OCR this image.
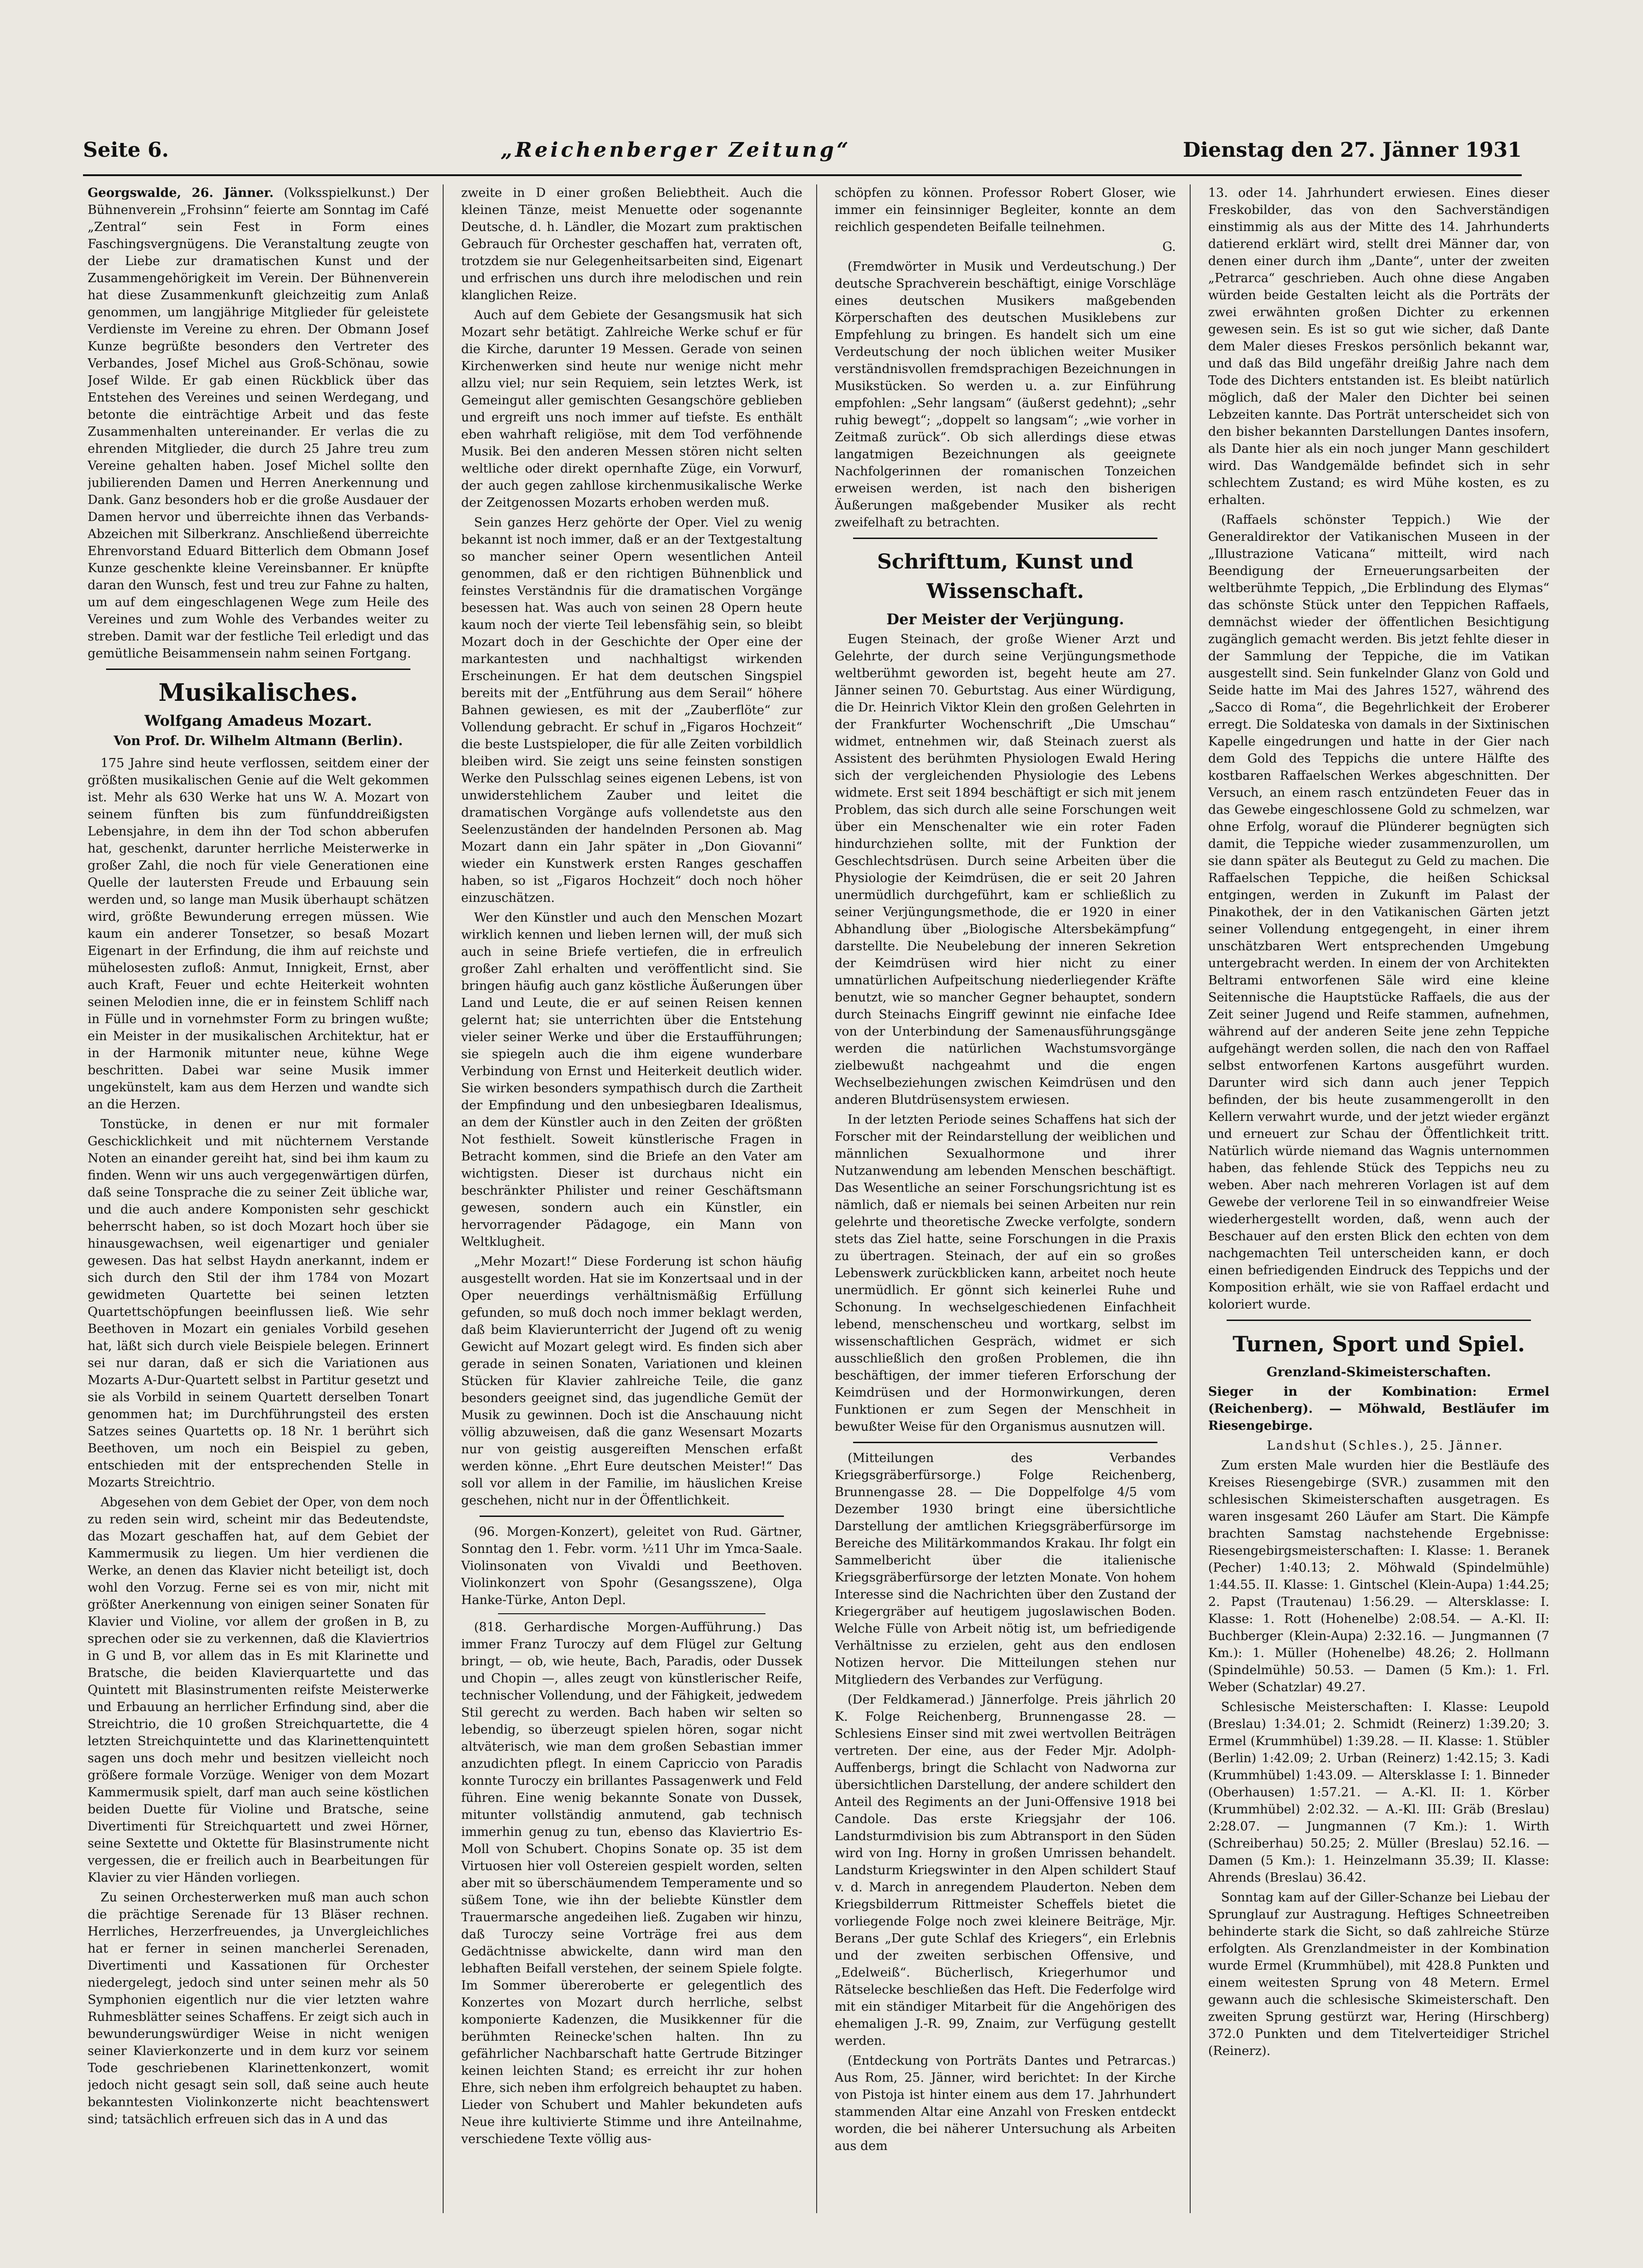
Seite 6.	„Reichenberger Zeitung“	Dienstag den 27. Jänner 1931

Georgswalde, 26. Jänner. (Volksspielkunst.) Der Bühnenverein „Frohsinn“ feierte am Sonntag im Café „Zentral“ sein Fest in Form eines Faschingsvergnügens. Die Veranstaltung zeugte von der Liebe zur dramatischen Kunst und der Zusammengehörigkeit im Verein. Der Bühnenverein hat diese Zusammenkunft gleichzeitig zum Anlaß genommen, um langjährige Mitglieder für geleistete Verdienste im Vereine zu ehren. Der Obmann Josef Kunze begrüßte besonders den Vertreter des Verbandes, Josef Michel aus Groß-Schönau, sowie Josef Wilde. Er gab einen Rückblick über das Entstehen des Vereines und seinen Werdegang, und betonte die einträchtige Arbeit und das feste Zusammenhalten untereinander. Er verlas die zu ehrenden Mitglieder, die durch 25 Jahre treu zum Vereine gehalten haben. Josef Michel sollte den jubilierenden Damen und Herren Anerkennung und Dank. Ganz besonders hob er die große Ausdauer der Damen hervor und überreichte ihnen das Verbands-Abzeichen mit Silberkranz. Anschließend überreichte Ehrenvorstand Eduard Bitterlich dem Obmann Josef Kunze geschenkte kleine Vereinsbanner. Er knüpfte daran den Wunsch, fest und treu zur Fahne zu halten, um auf dem eingeschlagenen Wege zum Heile des Vereines und zum Wohle des Verbandes weiter zu streben. Damit war der festliche Teil erledigt und das gemütliche Beisammensein nahm seinen Fortgang.

Musikalisches.
Wolfgang Amadeus Mozart.
Von Prof. Dr. Wilhelm Altmann (Berlin).

175 Jahre sind heute verflossen, seitdem einer der größten musikalischen Genie auf die Welt gekommen ist. Mehr als 630 Werke hat uns W. A. Mozart von seinem fünften bis zum fünfunddreißigsten Lebensjahre, in dem ihn der Tod schon abberufen hat, geschenkt, darunter herrliche Meisterwerke in großer Zahl, die noch für viele Generationen eine Quelle der lautersten Freude und Erbauung sein werden und, so lange man Musik überhaupt schätzen wird, größte Bewunderung erregen müssen. Wie kaum ein anderer Tonsetzer, so besaß Mozart Eigenart in der Erfindung, die ihm auf reichste und mühelosesten zufloß: Anmut, Innigkeit, Ernst, aber auch Kraft, Feuer und echte Heiterkeit wohnten seinen Melodien inne, die er in feinstem Schliff nach in Fülle und in vornehmster Form zu bringen wußte; ein Meister in der musikalischen Architektur, hat er in der Harmonik mitunter neue, kühne Wege beschritten. Dabei war seine Musik immer ungekünstelt, kam aus dem Herzen und wandte sich an die Herzen.

Tonstücke, in denen er nur mit formaler Geschicklichkeit und mit nüchternem Verstande Noten an einander gereiht hat, sind bei ihm kaum zu finden. Wenn wir uns auch vergegenwärtigen dürfen, daß seine Tonsprache die zu seiner Zeit übliche war, und die auch andere Komponisten sehr geschickt beherrscht haben, so ist doch Mozart hoch über sie hinausgewachsen, weil eigenartiger und genialer gewesen. Das hat selbst Haydn anerkannt, indem er sich durch den Stil der ihm 1784 von Mozart gewidmeten Quartette bei seinen letzten Quartettschöpfungen beeinflussen ließ. Wie sehr Beethoven in Mozart ein geniales Vorbild gesehen hat, läßt sich durch viele Beispiele belegen. Erinnert sei nur daran, daß er sich die Variationen aus Mozarts A-Dur-Quartett selbst in Partitur gesetzt und sie als Vorbild in seinem Quartett derselben Tonart genommen hat; im Durchführungsteil des ersten Satzes seines Quartetts op. 18 Nr. 1 berührt sich Beethoven, um noch ein Beispiel zu geben, entschieden mit der entsprechenden Stelle in Mozarts Streichtrio.

Abgesehen von dem Gebiet der Oper, von dem noch zu reden sein wird, scheint mir das Bedeutendste, das Mozart geschaffen hat, auf dem Gebiet der Kammermusik zu liegen. Um hier verdienen die Werke, an denen das Klavier nicht beteiligt ist, doch wohl den Vorzug. Ferne sei es von mir, nicht mit größter Anerkennung von einigen seiner Sonaten für Klavier und Violine, vor allem der großen in B, zu sprechen oder sie zu verkennen, daß die Klaviertrios in G und B, vor allem das in Es mit Klarinette und Bratsche, die beiden Klavierquartette und das Quintett mit Blasinstrumenten reifste Meisterwerke und Erbauung an herrlicher Erfindung sind, aber die Streichtrio, die 10 großen Streichquartette, die 4 letzten Streichquintette und das Klarinettenquintett sagen uns doch mehr und besitzen vielleicht noch größere formale Vorzüge. Weniger von dem Mozart Kammermusik spielt, darf man auch seine köstlichen beiden Duette für Violine und Bratsche, seine Divertimenti für Streichquartett und zwei Hörner, seine Sextette und Oktette für Blasinstrumente nicht vergessen, die er freilich auch in Bearbeitungen für Klavier zu vier Händen vorliegen.

Zu seinen Orchesterwerken muß man auch schon die prächtige Serenade für 13 Bläser rechnen. Herrliches, Herzerfreuendes, ja Unvergleichliches hat er ferner in seinen mancherlei Serenaden, Divertimenti und Kassationen für Orchester niedergelegt, jedoch sind unter seinen mehr als 50 Symphonien eigentlich nur die vier letzten wahre Ruhmesblätter seines Schaffens. Er zeigt sich auch in bewunderungswürdiger Weise in nicht wenigen seiner Klavierkonzerte und in dem kurz vor seinem Tode geschriebenen Klarinettenkonzert, womit jedoch nicht gesagt sein soll, daß seine auch heute bekanntesten Violinkonzerte nicht beachtenswert sind; tatsächlich erfreuen sich das in A und das

zweite in D einer großen Beliebtheit. Auch die kleinen Tänze, meist Menuette oder sogenannte Deutsche, d. h. Ländler, die Mozart zum praktischen Gebrauch für Orchester geschaffen hat, verraten oft, trotzdem sie nur Gelegenheitsarbeiten sind, Eigenart und erfrischen uns durch ihre melodischen und rein klanglichen Reize.

Auch auf dem Gebiete der Gesangsmusik hat sich Mozart sehr betätigt. Zahlreiche Werke schuf er für die Kirche, darunter 19 Messen. Gerade von seinen Kirchenwerken sind heute nur wenige nicht mehr allzu viel; nur sein Requiem, sein letztes Werk, ist Gemeingut aller gemischten Gesangschöre geblieben und ergreift uns noch immer auf tiefste. Es enthält eben wahrhaft religiöse, mit dem Tod verföhnende Musik. Bei den anderen Messen stören nicht selten weltliche oder direkt opernhafte Züge, ein Vorwurf, der auch gegen zahllose kirchenmusikalische Werke der Zeitgenossen Mozarts erhoben werden muß.

Sein ganzes Herz gehörte der Oper. Viel zu wenig bekannt ist noch immer, daß er an der Textgestaltung so mancher seiner Opern wesentlichen Anteil genommen, daß er den richtigen Bühnenblick und feinstes Verständnis für die dramatischen Vorgänge besessen hat. Was auch von seinen 28 Opern heute kaum noch der vierte Teil lebensfähig sein, so bleibt Mozart doch in der Geschichte der Oper eine der markantesten und nachhaltigst wirkenden Erscheinungen. Er hat dem deutschen Singspiel bereits mit der „Entführung aus dem Serail“ höhere Bahnen gewiesen, es mit der „Zauberflöte“ zur Vollendung gebracht. Er schuf in „Figaros Hochzeit“ die beste Lustspieloper, die für alle Zeiten vorbildlich bleiben wird. Sie zeigt uns seine feinsten sonstigen Werke den Pulsschlag seines eigenen Lebens, ist von unwiderstehlichem Zauber und leitet die dramatischen Vorgänge aufs vollendetste aus den Seelenzuständen der handelnden Personen ab. Mag Mozart dann ein Jahr später in „Don Giovanni“ wieder ein Kunstwerk ersten Ranges geschaffen haben, so ist „Figaros Hochzeit“ doch noch höher einzuschätzen.

Wer den Künstler und auch den Menschen Mozart wirklich kennen und lieben lernen will, der muß sich auch in seine Briefe vertiefen, die in erfreulich großer Zahl erhalten und veröffentlicht sind. Sie bringen häufig auch ganz köstliche Äußerungen über Land und Leute, die er auf seinen Reisen kennen gelernt hat; sie unterrichten über die Entstehung vieler seiner Werke und über die Erstaufführungen; sie spiegeln auch die ihm eigene wunderbare Verbindung von Ernst und Heiterkeit deutlich wider. Sie wirken besonders sympathisch durch die Zartheit der Empfindung und den unbesiegbaren Idealismus, an dem der Künstler auch in den Zeiten der größten Not festhielt. Soweit künstlerische Fragen in Betracht kommen, sind die Briefe an den Vater am wichtigsten. Dieser ist durchaus nicht ein beschränkter Philister und reiner Geschäftsmann gewesen, sondern auch ein Künstler, ein hervorragender Pädagoge, ein Mann von Weltklugheit.

„Mehr Mozart!“ Diese Forderung ist schon häufig ausgestellt worden. Hat sie im Konzertsaal und in der Oper neuerdings verhältnismäßig Erfüllung gefunden, so muß doch noch immer beklagt werden, daß beim Klavierunterricht der Jugend oft zu wenig Gewicht auf Mozart gelegt wird. Es finden sich aber gerade in seinen Sonaten, Variationen und kleinen Stücken für Klavier zahlreiche Teile, die ganz besonders geeignet sind, das jugendliche Gemüt der Musik zu gewinnen. Doch ist die Anschauung nicht völlig abzuweisen, daß die ganz Wesensart Mozarts nur von geistig ausgereiften Menschen erfaßt werden könne. „Ehrt Eure deutschen Meister!“ Das soll vor allem in der Familie, im häuslichen Kreise geschehen, nicht nur in der Öffentlichkeit.

(96. Morgen-Konzert), geleitet von Rud. Gärtner, Sonntag den 1. Febr. vorm. ½11 Uhr im Ymca-Saale. Violinsonaten von Vivaldi und Beethoven. Violinkonzert von Spohr (Gesangsszene), Olga Hanke-Türke, Anton Depl.

(818. Gerhardische Morgen-Aufführung.) Das immer Franz Turoczy auf dem Flügel zur Geltung bringt, — ob, wie heute, Bach, Paradis, oder Dussek und Chopin —, alles zeugt von künstlerischer Reife, technischer Vollendung, und der Fähigkeit, jedwedem Stil gerecht zu werden. Bach haben wir selten so lebendig, so überzeugt spielen hören, sogar nicht altväterisch, wie man dem großen Sebastian immer anzudichten pflegt. In einem Capriccio von Paradis konnte Turoczy ein brillantes Passagenwerk und Feld führen. Eine wenig bekannte Sonate von Dussek, mitunter vollständig anmutend, gab technisch immerhin genug zu tun, ebenso das Klaviertrio Es-Moll von Schubert. Chopins Sonate op. 35 ist dem Virtuosen hier voll Ostereien gespielt worden, selten aber mit so überschäumendem Temperamente und so süßem Tone, wie ihn der beliebte Künstler dem Trauermarsche angedeihen ließ. Zugaben wir hinzu, daß Turoczy seine Vorträge frei aus dem Gedächtnisse abwickelte, dann wird man den lebhaften Beifall verstehen, der seinem Spiele folgte. Im Sommer übereroberte er gelegentlich des Konzertes von Mozart durch herrliche, selbst komponierte Kadenzen, die Musikkenner für die berühmten Reinecke'schen halten. Ihn zu gefährlicher Nachbarschaft hatte Gertrude Bitzinger keinen leichten Stand; es erreicht ihr zur hohen Ehre, sich neben ihm erfolgreich behauptet zu haben. Lieder von Schubert und Mahler bekundeten aufs Neue ihre kultivierte Stimme und ihre Anteilnahme, verschiedene Texte völlig aus-

schöpfen zu können. Professor Robert Gloser, wie immer ein feinsinniger Begleiter, konnte an dem reichlich gespendeten Beifalle teilnehmen.

G.

(Fremdwörter in Musik und Verdeutschung.) Der deutsche Sprachverein beschäftigt, einige Vorschläge eines deutschen Musikers maßgebenden Körperschaften des deutschen Musiklebens zur Empfehlung zu bringen. Es handelt sich um eine Verdeutschung der noch üblichen weiter Musiker verständnisvollen fremdsprachigen Bezeichnungen in Musikstücken. So werden u. a. zur Einführung empfohlen: „Sehr langsam“ (äußerst gedehnt); „sehr ruhig bewegt“; „doppelt so langsam“; „wie vorher in Zeitmaß zurück“. Ob sich allerdings diese etwas langatmigen Bezeichnungen als geeignete Nachfolgerinnen der romanischen Tonzeichen erweisen werden, ist nach den bisherigen Äußerungen maßgebender Musiker als recht zweifelhaft zu betrachten.

Schrifttum, Kunst und Wissenschaft.
Der Meister der Verjüngung.

Eugen Steinach, der große Wiener Arzt und Gelehrte, der durch seine Verjüngungsmethode weltberühmt geworden ist, begeht heute am 27. Jänner seinen 70. Geburtstag. Aus einer Würdigung, die Dr. Heinrich Viktor Klein den großen Gelehrten in der Frankfurter Wochenschrift „Die Umschau“ widmet, entnehmen wir, daß Steinach zuerst als Assistent des berühmten Physiologen Ewald Hering sich der vergleichenden Physiologie des Lebens widmete. Erst seit 1894 beschäftigt er sich mit jenem Problem, das sich durch alle seine Forschungen weit über ein Menschenalter wie ein roter Faden hindurchziehen sollte, mit der Funktion der Geschlechtsdrüsen. Durch seine Arbeiten über die Physiologie der Keimdrüsen, die er seit 20 Jahren unermüdlich durchgeführt, kam er schließlich zu seiner Verjüngungsmethode, die er 1920 in einer Abhandlung über „Biologische Altersbekämpfung“ darstellte. Die Neubelebung der inneren Sekretion der Keimdrüsen wird hier nicht zu einer umnatürlichen Aufpeitschung niederliegender Kräfte benutzt, wie so mancher Gegner behauptet, sondern durch Steinachs Eingriff gewinnt nie einfache Idee von der Unterbindung der Samenausführungsgänge werden die natürlichen Wachstumsvorgänge zielbewußt nachgeahmt und die engen Wechselbeziehungen zwischen Keimdrüsen und den anderen Blutdrüsensystem erwiesen.

In der letzten Periode seines Schaffens hat sich der Forscher mit der Reindarstellung der weiblichen und männlichen Sexualhormone und ihrer Nutzanwendung am lebenden Menschen beschäftigt. Das Wesentliche an seiner Forschungsrichtung ist es nämlich, daß er niemals bei seinen Arbeiten nur rein gelehrte und theoretische Zwecke verfolgte, sondern stets das Ziel hatte, seine Forschungen in die Praxis zu übertragen. Steinach, der auf ein so großes Lebenswerk zurückblicken kann, arbeitet noch heute unermüdlich. Er gönnt sich keinerlei Ruhe und Schonung. In wechselgeschiedenen Einfachheit lebend, menschenscheu und wortkarg, selbst im wissenschaftlichen Gespräch, widmet er sich ausschließlich den großen Problemen, die ihn beschäftigen, der immer tieferen Erforschung der Keimdrüsen und der Hormonwirkungen, deren Funktionen er zum Segen der Menschheit in bewußter Weise für den Organismus ausnutzen will.

(Mitteilungen des Verbandes Kriegsgräberfürsorge.) Folge Reichenberg, Brunnengasse 28. — Die Doppelfolge 4/5 vom Dezember 1930 bringt eine übersichtliche Darstellung der amtlichen Kriegsgräberfürsorge im Bereiche des Militärkommandos Krakau. Ihr folgt ein Sammelbericht über die italienische Kriegsgräberfürsorge der letzten Monate. Von hohem Interesse sind die Nachrichten über den Zustand der Kriegergräber auf heutigem jugoslawischen Boden. Welche Fülle von Arbeit nötig ist, um befriedigende Verhältnisse zu erzielen, geht aus den endlosen Notizen hervor. Die Mitteilungen stehen nur Mitgliedern des Verbandes zur Verfügung.

(Der Feldkamerad.) Jännerfolge. Preis jährlich 20 K. Folge Reichenberg, Brunnengasse 28. — Schlesiens Einser sind mit zwei wertvollen Beiträgen vertreten. Der eine, aus der Feder Mjr. Adolph-Auffenbergs, bringt die Schlacht von Nadworna zur übersichtlichen Darstellung, der andere schildert den Anteil des Regiments an der Juni-Offensive 1918 bei Candole. Das erste Kriegsjahr der 106. Landsturmdivision bis zum Abtransport in den Süden wird von Ing. Horny in großen Umrissen behandelt. Landsturm Kriegswinter in den Alpen schildert Stauf v. d. March in anregendem Plauderton. Neben dem Kriegsbilderrum Rittmeister Scheffels bietet die vorliegende Folge noch zwei kleinere Beiträge, Mjr. Berans „Der gute Schlaf des Kriegers“, ein Erlebnis und der zweiten serbischen Offensive, und „Edelweiß“. Bücherlisch, Kriegerhumor und Rätselecke beschließen das Heft. Die Federfolge wird mit ein ständiger Mitarbeit für die Angehörigen des ehemaligen J.-R. 99, Znaim, zur Verfügung gestellt werden.

(Entdeckung von Porträts Dantes und Petrarcas.) Aus Rom, 25. Jänner, wird berichtet: In der Kirche von Pistoja ist hinter einem aus dem 17. Jahrhundert stammenden Altar eine Anzahl von Fresken entdeckt worden, die bei näherer Untersuchung als Arbeiten aus dem

13. oder 14. Jahrhundert erwiesen. Eines dieser Freskobilder, das von den Sachverständigen einstimmig als aus der Mitte des 14. Jahrhunderts datierend erklärt wird, stellt drei Männer dar, von denen einer durch ihm „Dante“, unter der zweiten „Petrarca“ geschrieben. Auch ohne diese Angaben würden beide Gestalten leicht als die Porträts der zwei erwähnten großen Dichter zu erkennen gewesen sein. Es ist so gut wie sicher, daß Dante dem Maler dieses Freskos persönlich bekannt war, und daß das Bild ungefähr dreißig Jahre nach dem Tode des Dichters entstanden ist. Es bleibt natürlich möglich, daß der Maler den Dichter bei seinen Lebzeiten kannte. Das Porträt unterscheidet sich von den bisher bekannten Darstellungen Dantes insofern, als Dante hier als ein noch junger Mann geschildert wird. Das Wandgemälde befindet sich in sehr schlechtem Zustand; es wird Mühe kosten, es zu erhalten.

(Raffaels schönster Teppich.) Wie der Generaldirektor der Vatikanischen Museen in der „Illustrazione Vaticana“ mitteilt, wird nach Beendigung der Erneuerungsarbeiten der weltberühmte Teppich, „Die Erblindung des Elymas“ das schönste Stück unter den Teppichen Raffaels, demnächst wieder der öffentlichen Besichtigung zugänglich gemacht werden. Bis jetzt fehlte dieser in der Sammlung der Teppiche, die im Vatikan ausgestellt sind. Sein funkelnder Glanz von Gold und Seide hatte im Mai des Jahres 1527, während des „Sacco di Roma“, die Begehrlichkeit der Eroberer erregt. Die Soldateska von damals in der Sixtinischen Kapelle eingedrungen und hatte in der Gier nach dem Gold des Teppichs die untere Hälfte des kostbaren Raffaelschen Werkes abgeschnitten. Der Versuch, an einem rasch entzündeten Feuer das in das Gewebe eingeschlossene Gold zu schmelzen, war ohne Erfolg, worauf die Plünderer begnügten sich damit, die Teppiche wieder zusammenzurollen, um sie dann später als Beutegut zu Geld zu machen. Die Raffaelschen Teppiche, die heißen Schicksal entgingen, werden in Zukunft im Palast der Pinakothek, der in den Vatikanischen Gärten jetzt seiner Vollendung entgegengeht, in einer ihrem unschätzbaren Wert entsprechenden Umgebung untergebracht werden. In einem der von Architekten Beltrami entworfenen Säle wird eine kleine Seitennische die Hauptstücke Raffaels, die aus der Zeit seiner Jugend und Reife stammen, aufnehmen, während auf der anderen Seite jene zehn Teppiche aufgehängt werden sollen, die nach den von Raffael selbst entworfenen Kartons ausgeführt wurden. Darunter wird sich dann auch jener Teppich befinden, der bis heute zusammengerollt in den Kellern verwahrt wurde, und der jetzt wieder ergänzt und erneuert zur Schau der Öffentlichkeit tritt. Natürlich würde niemand das Wagnis unternommen haben, das fehlende Stück des Teppichs neu zu weben. Aber nach mehreren Vorlagen ist auf dem Gewebe der verlorene Teil in so einwandfreier Weise wiederhergestellt worden, daß, wenn auch der Beschauer auf den ersten Blick den echten von dem nachgemachten Teil unterscheiden kann, er doch einen befriedigenden Eindruck des Teppichs und der Komposition erhält, wie sie von Raffael erdacht und koloriert wurde.

Turnen, Sport und Spiel.
Grenzland-Skimeisterschaften.

Sieger in der Kombination: Ermel (Reichenberg). — Möhwald, Bestläufer im Riesengebirge.

Landshut (Schles.), 25. Jänner.

Zum ersten Male wurden hier die Bestläufe des Kreises Riesengebirge (SVR.) zusammen mit den schlesischen Skimeisterschaften ausgetragen. Es waren insgesamt 260 Läufer am Start. Die Kämpfe brachten Samstag nachstehende Ergebnisse: Riesengebirgsmeisterschaften: I. Klasse: 1. Beranek (Pecher) 1:40.13; 2. Möhwald (Spindelmühle) 1:44.55. II. Klasse: 1. Gintschel (Klein-Aupa) 1:44.25; 2. Papst (Trautenau) 1:56.29. — Altersklasse: I. Klasse: 1. Rott (Hohenelbe) 2:08.54. — A.-Kl. II: Buchberger (Klein-Aupa) 2:32.16. — Jungmannen (7 Km.): 1. Müller (Hohenelbe) 48.26; 2. Hollmann (Spindelmühle) 50.53. — Damen (5 Km.): 1. Frl. Weber (Schatzlar) 49.27.

Schlesische Meisterschaften: I. Klasse: Leupold (Breslau) 1:34.01; 2. Schmidt (Reinerz) 1:39.20; 3. Ermel (Krummhübel) 1:39.28. — II. Klasse: 1. Stübler (Berlin) 1:42.09; 2. Urban (Reinerz) 1:42.15; 3. Kadi (Krummhübel) 1:43.09. — Altersklasse I: 1. Binneder (Oberhausen) 1:57.21. — A.-Kl. II: 1. Körber (Krummhübel) 2:02.32. — A.-Kl. III: Gräb (Breslau) 2:28.07. — Jungmannen (7 Km.): 1. Wirth (Schreiberhau) 50.25; 2. Müller (Breslau) 52.16. — Damen (5 Km.): 1. Heinzelmann 35.39; II. Klasse: Ahrends (Breslau) 36.42.

Sonntag kam auf der Giller-Schanze bei Liebau der Sprunglauf zur Austragung. Heftiges Schneetreiben behinderte stark die Sicht, so daß zahlreiche Stürze erfolgten. Als Grenzlandmeister in der Kombination wurde Ermel (Krummhübel), mit 428.8 Punkten und einem weitesten Sprung von 48 Metern. Ermel gewann auch die schlesische Skimeisterschaft. Den zweiten Sprung gestürzt war, Hering (Hirschberg) 372.0 Punkten und dem Titelverteidiger Strichel (Reinerz).
